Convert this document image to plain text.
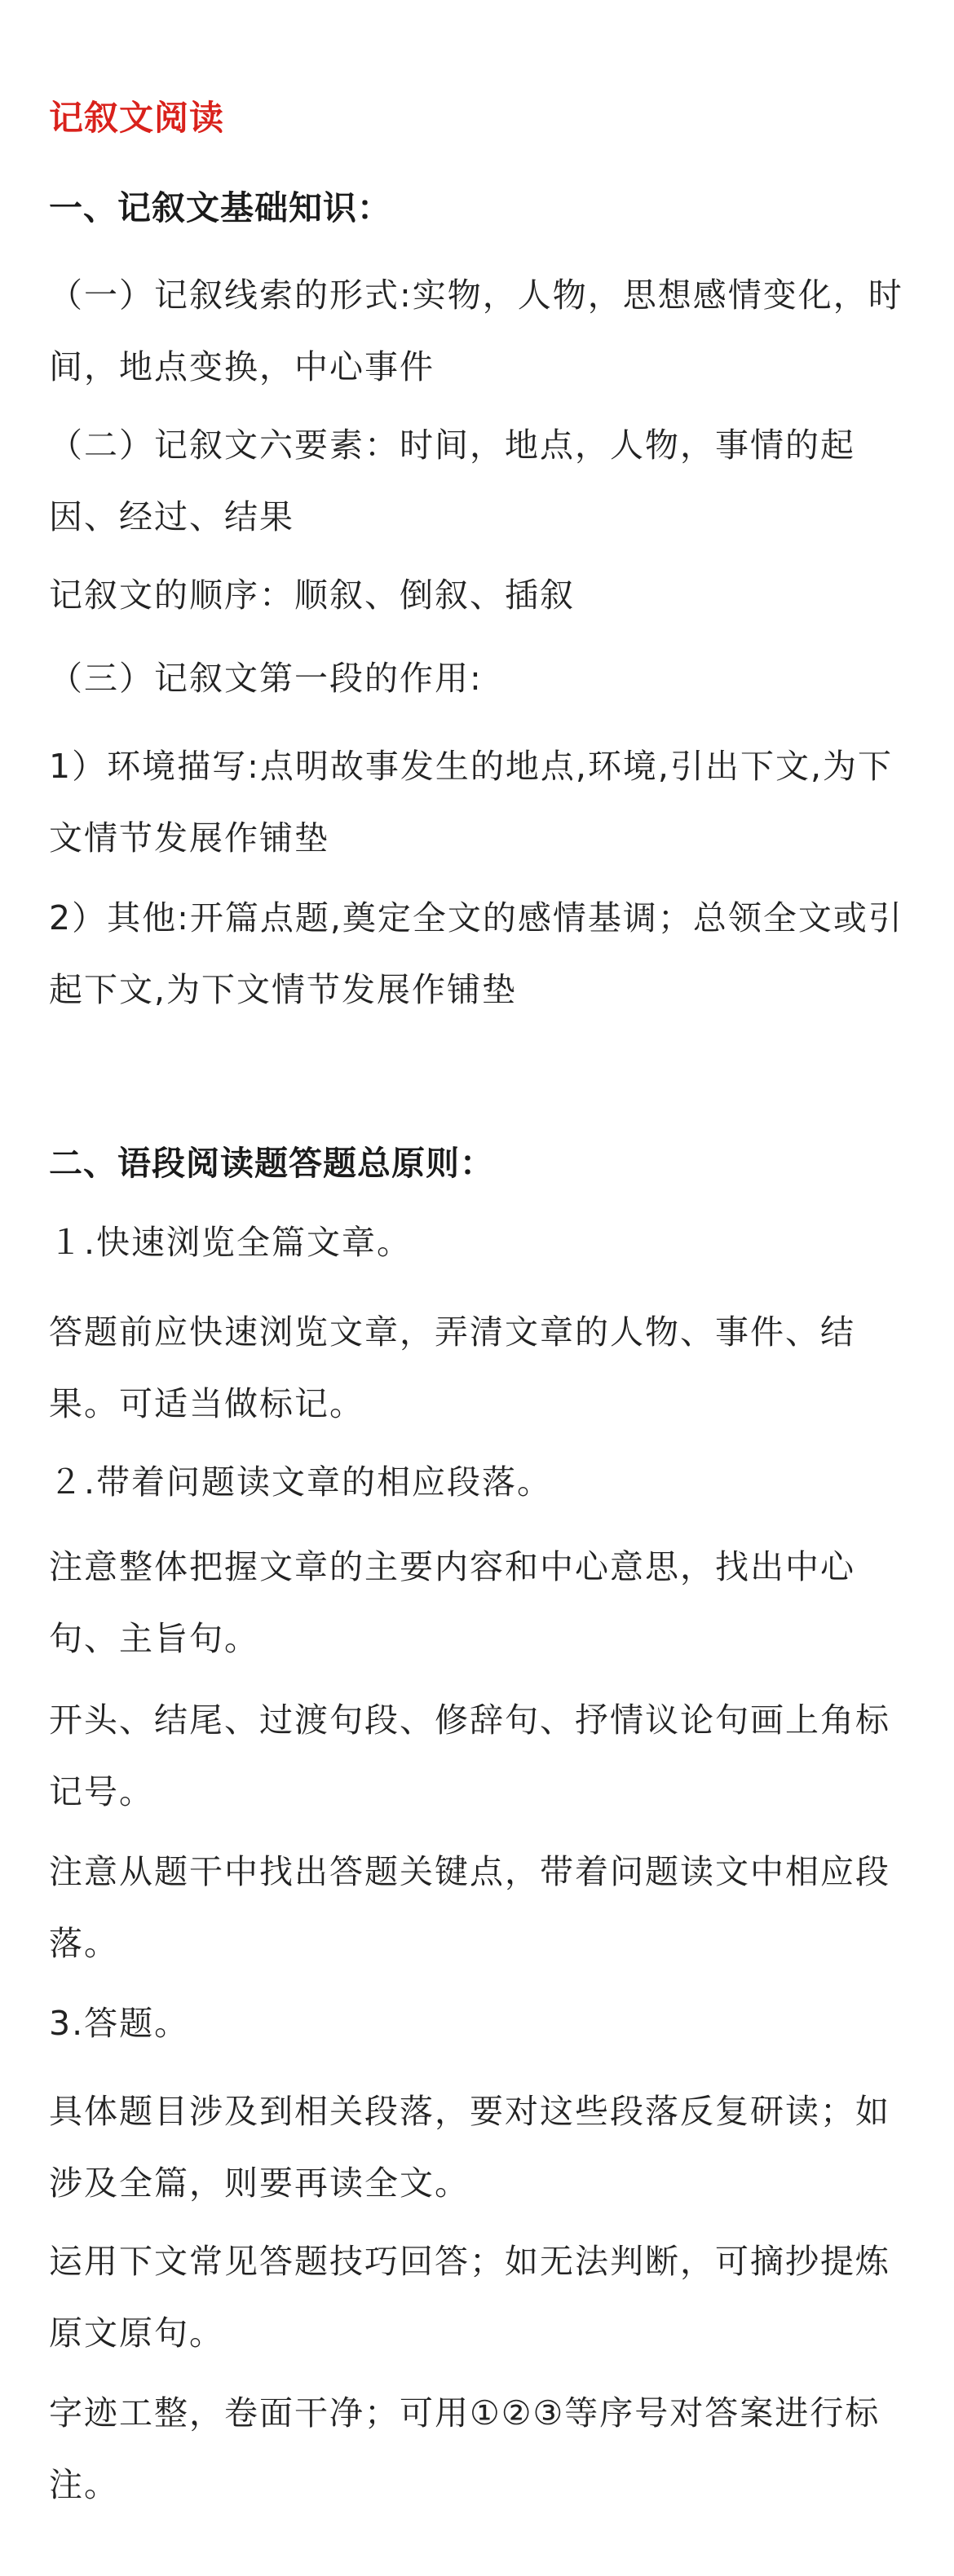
记叙文阅读
一、记叙文基础知识：

（一）记叙线索的形式:实物，人物，思想感情变化，时间，地点变换，中心事件

（二）记叙文六要素：时间，地点，人物，事情的起因、经过、结果

记叙文的顺序：顺叙、倒叙、插叙

（三）记叙文第一段的作用:

1）环境描写:点明故事发生的地点,环境,引出下文,为下文情节发展作铺垫

2）其他:开篇点题,奠定全文的感情基调；总领全文或引起下文,为下文情节发展作铺垫

二、语段阅读题答题总原则：

１.快速浏览全篇文章。

答题前应快速浏览文章，弄清文章的人物、事件、结果。可适当做标记。

２.带着问题读文章的相应段落。

注意整体把握文章的主要内容和中心意思，找出中心句、主旨句。

开头、结尾、过渡句段、修辞句、抒情议论句画上角标记号。

注意从题干中找出答题关键点，带着问题读文中相应段落。

3.答题。

具体题目涉及到相关段落，要对这些段落反复研读；如涉及全篇，则要再读全文。

运用下文常见答题技巧回答；如无法判断，可摘抄提炼原文原句。

字迹工整，卷面干净；可用①②③等序号对答案进行标注。
